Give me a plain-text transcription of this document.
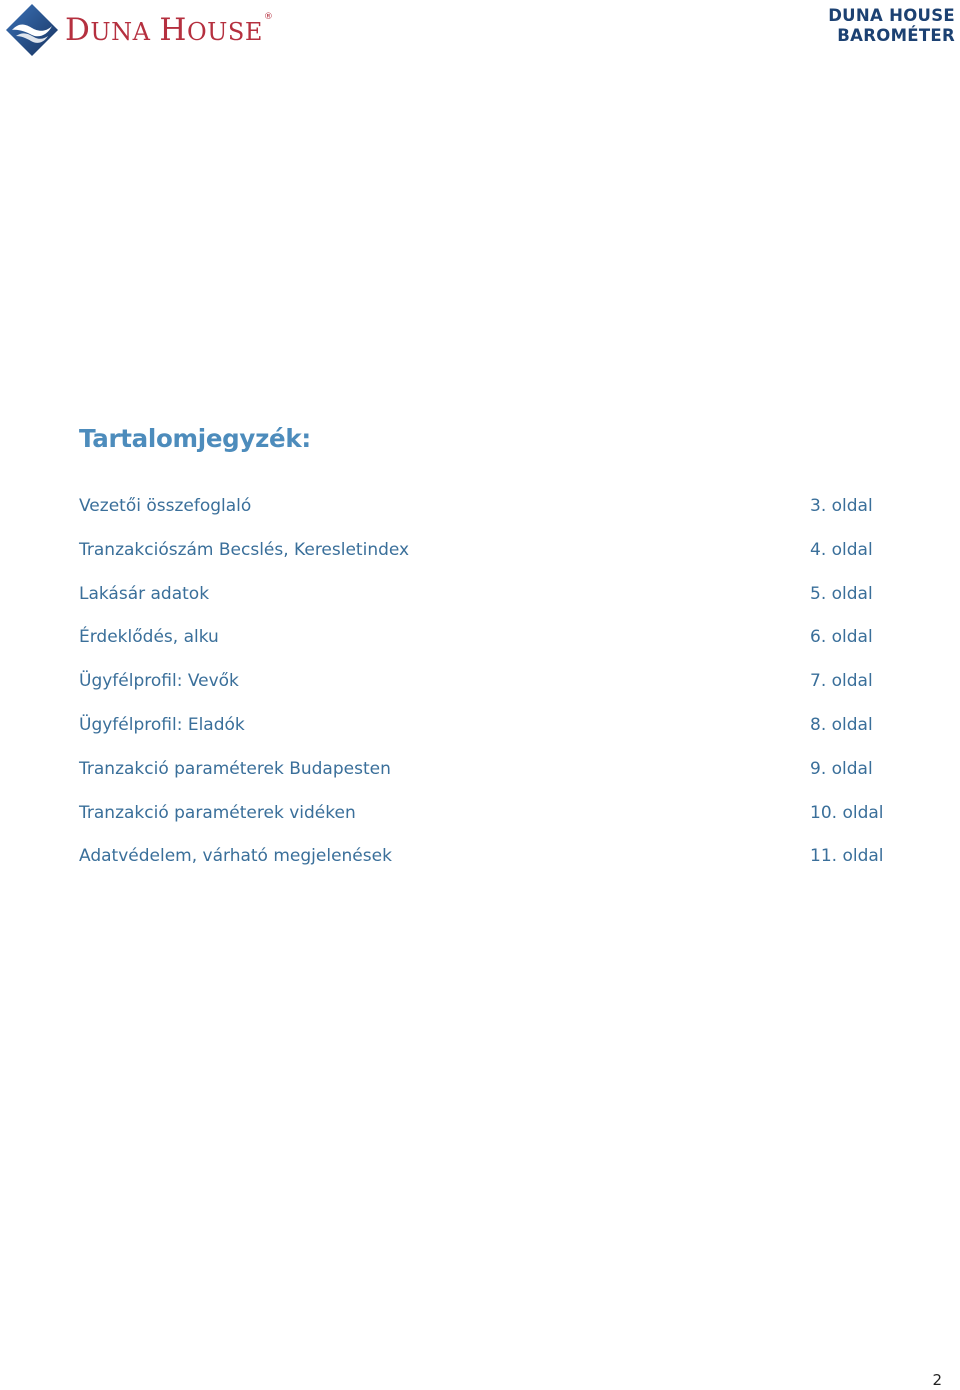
D UNA H OUSE
®	DUNA HOUSE
BAROMÉTER
Tartalomjegyzék:
Vezetői összefoglaló	3. oldal
Tranzakciószám Becslés, Keresletindex	4. oldal
Lakásár adatok	5. oldal
Érdeklődés, alku	6. oldal
Ügyfélprofil: Vevők	7. oldal
Ügyfélprofil: Eladók	8. oldal
Tranzakció paraméterek Budapesten	9. oldal
Tranzakció paraméterek vidéken	10. oldal
Adatvédelem, várható megjelenések	11. oldal
2
